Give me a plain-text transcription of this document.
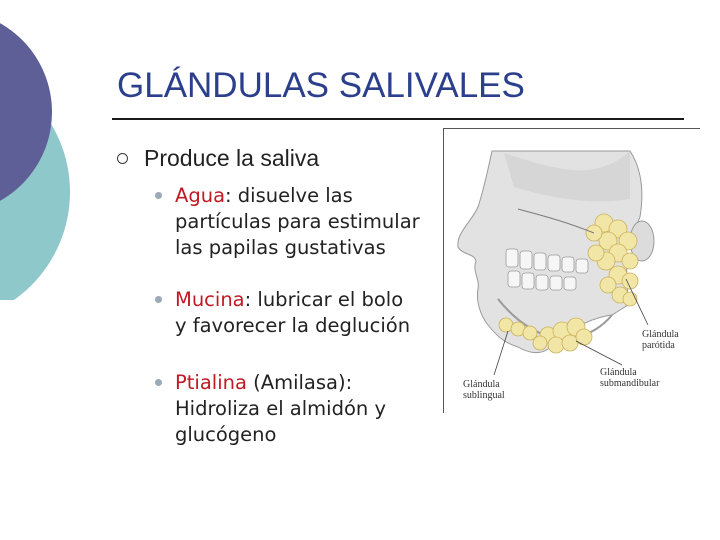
GLÁNDULAS SALIVALES
Produce la saliva
Agua: disuelve las partículas para estimular las papilas gustativas
Mucina: lubricar el bolo y favorecer la deglución
Ptialina (Amilasa): Hidroliza el almidón y glucógeno
Glándula
parótida
Glándula
submandibular
Glándula
sublingual
